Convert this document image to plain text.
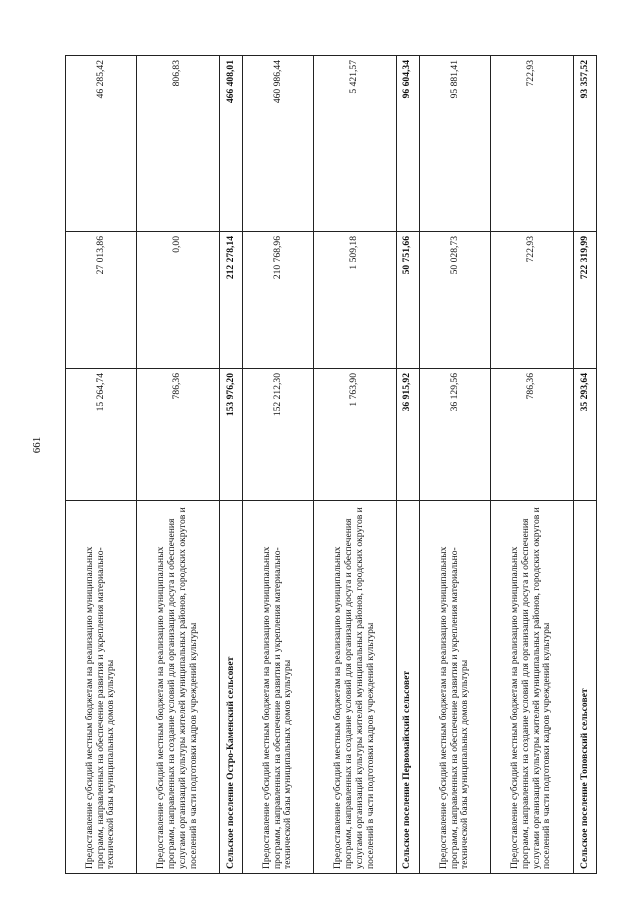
661
Предоставление субсидий местным бюджетам на реализацию муниципальных программ, направленных на обеспечение развития и укрепления материально-технической базы муниципальных домов культуры	15 264,74	27 013,86	46 285,42
Предоставление субсидий местным бюджетам на реализацию муниципальных программ, направленных на создание условий для организации досуга и обеспечения услугами организаций культуры жителей муниципальных районов, городских округов и поселений в части подготовки кадров учреждений культуры	786,36	0,00	806,83
Сельское поселение Остро-Каменский сельсовет	153 976,20	212 278,14	466 408,01
Предоставление субсидий местным бюджетам на реализацию муниципальных программ, направленных на обеспечение развития и укрепления материально-технической базы муниципальных домов культуры	152 212,30	210 768,96	460 986,44
Предоставление субсидий местным бюджетам на реализацию муниципальных программ, направленных на создание условий для организации досуга и обеспечения услугами организаций культуры жителей муниципальных районов, городских округов и поселений в части подготовки кадров учреждений культуры	1 763,90	1 509,18	5 421,57
Сельское поселение Первомайский сельсовет	36 915,92	50 751,66	96 604,34
Предоставление субсидий местным бюджетам на реализацию муниципальных программ, направленных на обеспечение развития и укрепления материально-технической базы муниципальных домов культуры	36 129,56	50 028,73	95 881,41
Предоставление субсидий местным бюджетам на реализацию муниципальных программ, направленных на создание условий для организации досуга и обеспечения услугами организаций культуры жителей муниципальных районов, городских округов и поселений в части подготовки кадров учреждений культуры	786,36	722,93	722,93
Сельское поселение Топовский сельсовет	35 293,64	722 319,99	93 357,52
